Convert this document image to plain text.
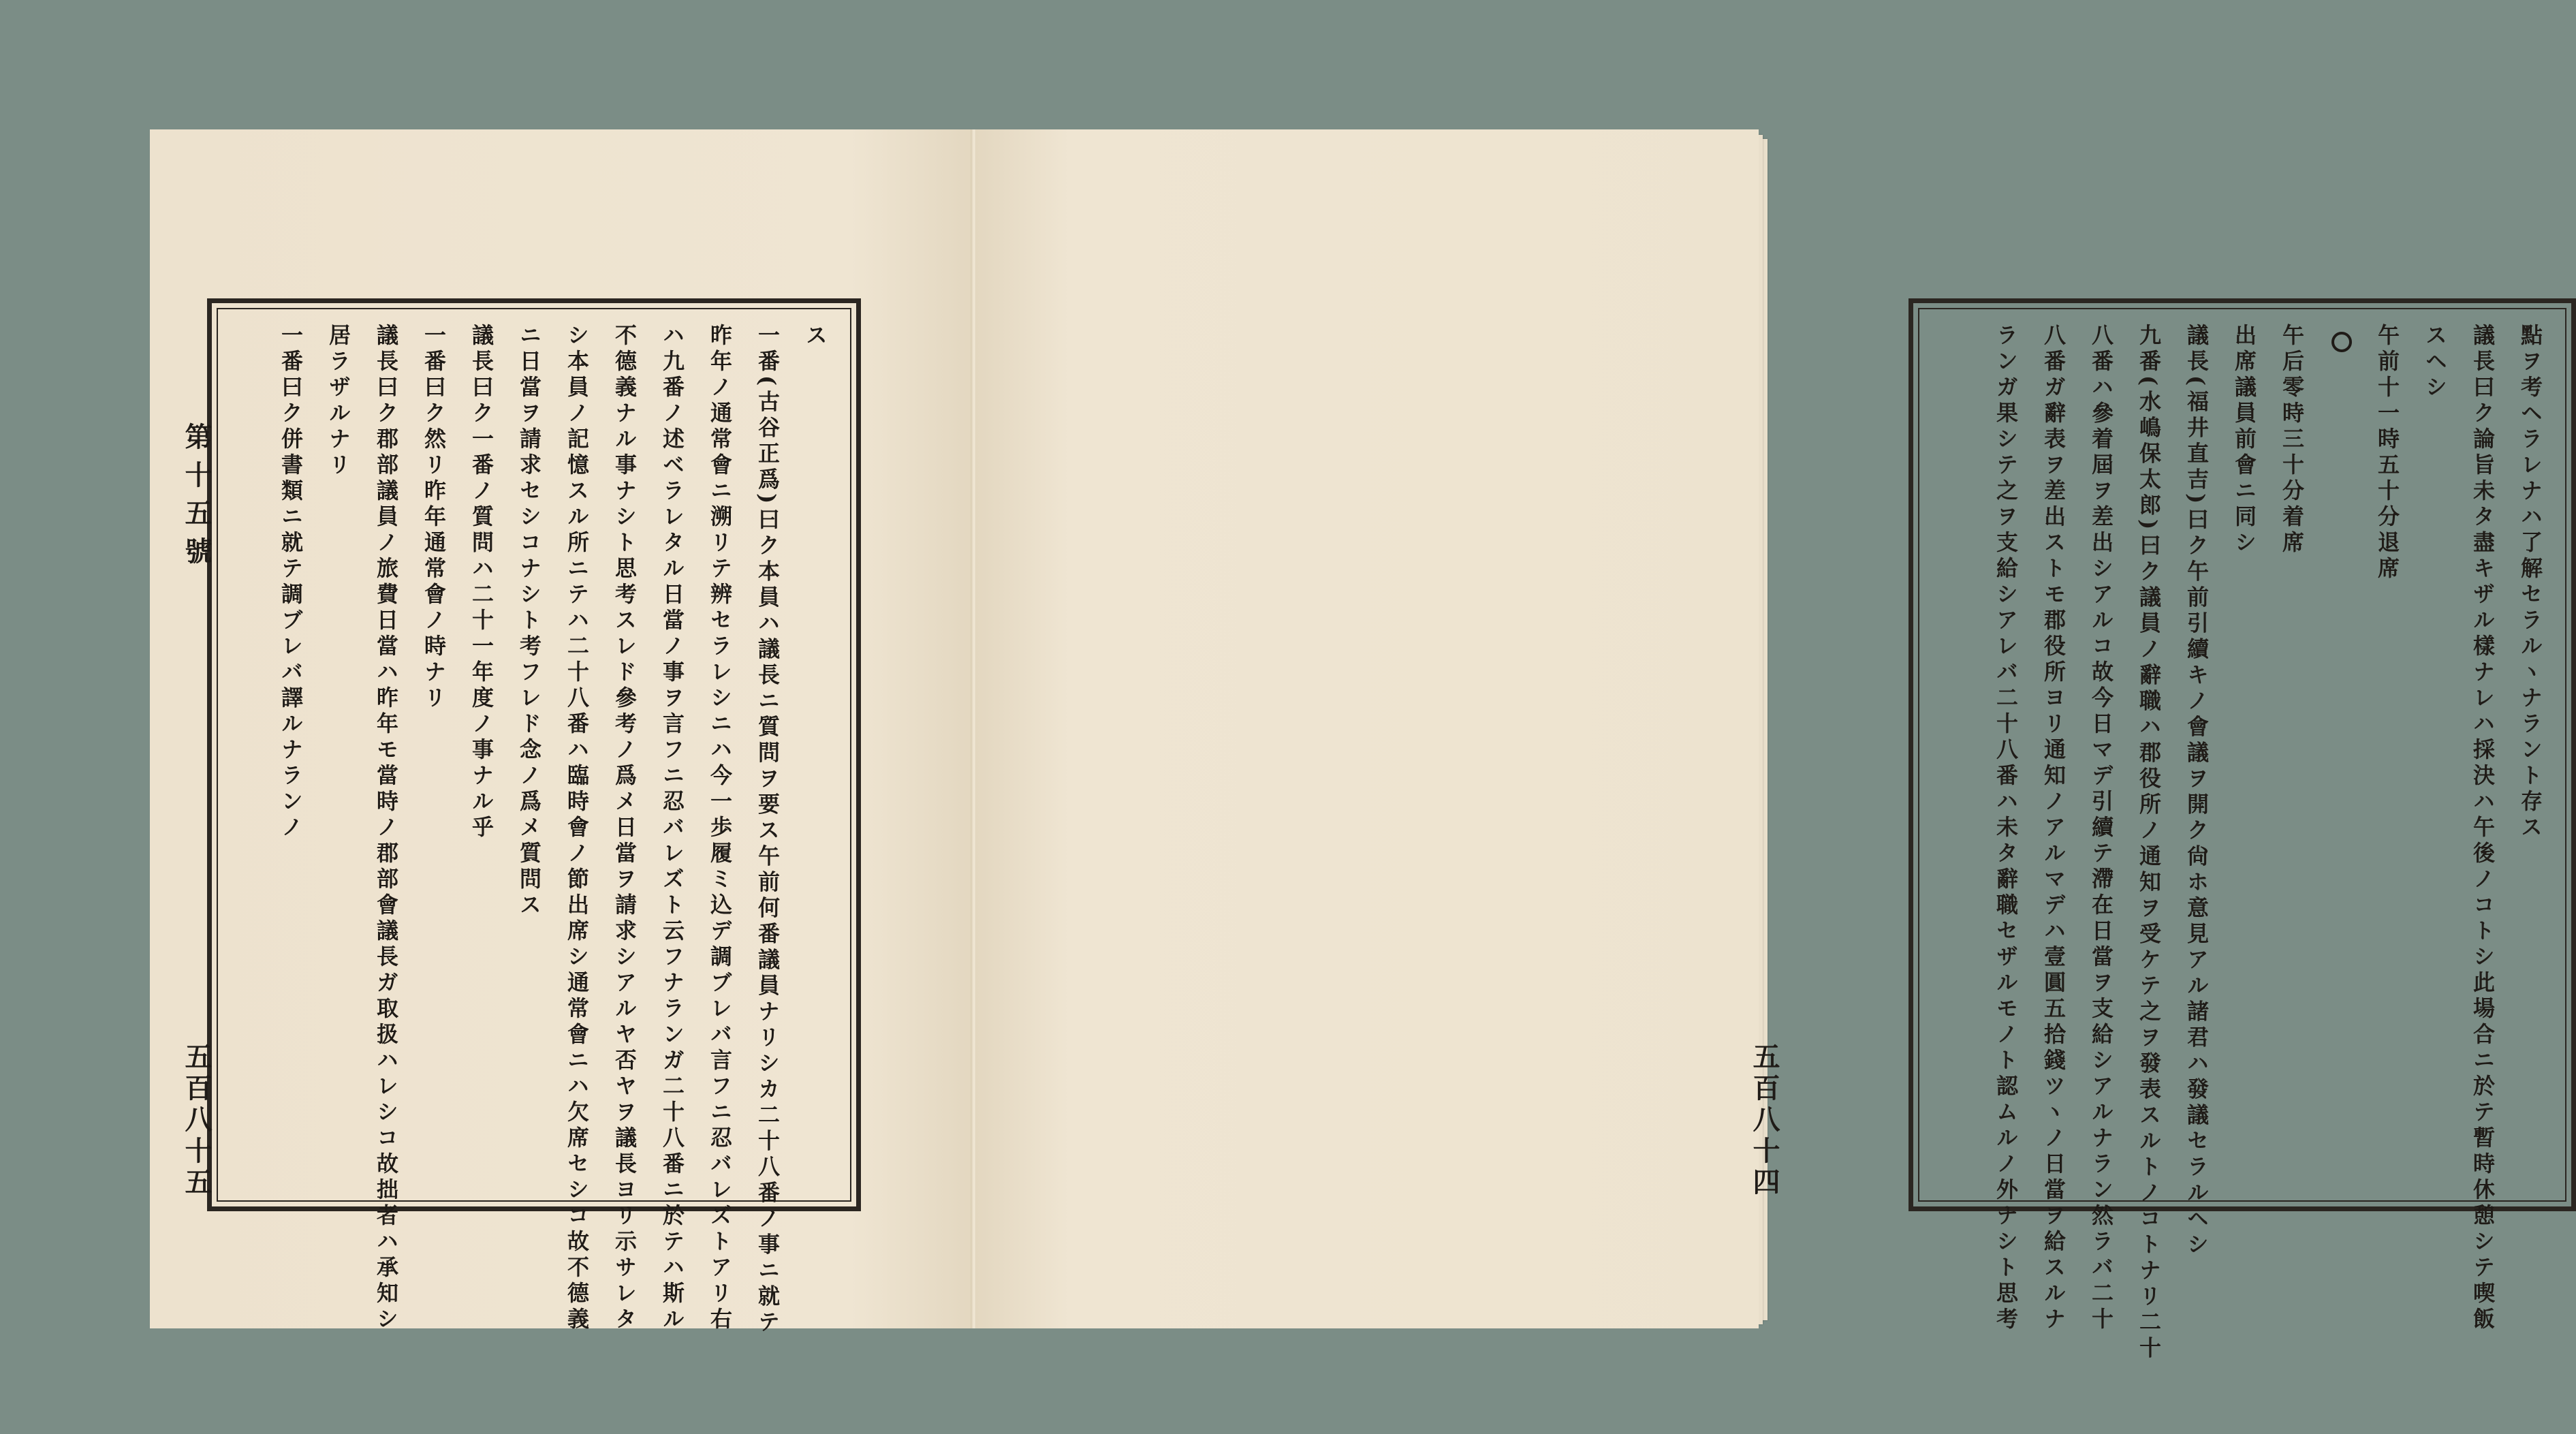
ス
一番(古谷正爲)曰ク本員ハ議長ニ質問ヲ要ス午前何番議員ナリシカ二十八番ノ事ニ就テ
昨年ノ通常會ニ溯リテ辨セラレシニハ今一歩履ミ込デ調ブレバ言フニ忍バレズトアリ右
ハ九番ノ述ベラレタル日當ノ事ヲ言フニ忍バレズト云フナランガ二十八番ニ於テハ斯ル
不德義ナル事ナシト思考スレド參考ノ爲メ日當ヲ請求シアルヤ否ヤヲ議長ヨリ示サレタ
シ本員ノ記憶スル所ニテハ二十八番ハ臨時會ノ節出席シ通常會ニハ欠席セシコ故不德義
ニ日當ヲ請求セシコナシト考フレド念ノ爲メ質問ス
議長曰ク一番ノ質問ハ二十一年度ノ事ナル乎
一番曰ク然リ昨年通常會ノ時ナリ
議長曰ク郡部議員ノ旅費日當ハ昨年モ當時ノ郡部會議長ガ取扱ハレシコ故拙者ハ承知シ
居ラザルナリ
一番曰ク併書類ニ就テ調ブレバ譯ルナランノ
第十五號
五百八十五
點ヲ考ヘラレナハ了解セラルヽナラント存ス
議長曰ク論旨未タ盡キザル樣ナレハ採決ハ午後ノコトシ此場合ニ於テ暫時休憩シテ喫飯
スヘシ
午前十一時五十分退席
午后零時三十分着席
出席議員前會ニ同シ
議長(福井直吉)曰ク午前引續キノ會議ヲ開ク尙ホ意見アル諸君ハ發議セラルヘシ
九番(水嶋保太郎)曰ク議員ノ辭職ハ郡役所ノ通知ヲ受ケテ之ヲ發表スルトノコトナリ二十
八番ハ參着屆ヲ差出シアルコ故今日マデ引續テ滯在日當ヲ支給シアルナラン然ラバ二十
八番ガ辭表ヲ差出ストモ郡役所ヨリ通知ノアルマデハ壹圓五拾錢ツヽノ日當ヲ給スルナ
ランガ果シテ之ヲ支給シアレバ二十八番ハ未タ辭職セザルモノト認ムルノ外ナシト思考
五百八十四
